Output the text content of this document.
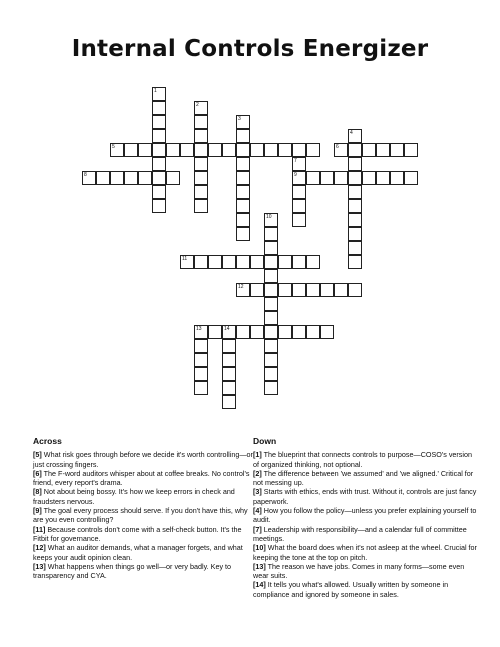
Internal Controls Energizer
1
2
3
4
5	6
7
9
8
10
11
12
13	14
Across

[5] What risk goes through before we decide it's worth controlling—or just crossing fingers.

[6] The F-word auditors whisper about at coffee breaks. No control's friend, every report's drama.

[8] Not about being bossy. It's how we keep errors in check and fraudsters nervous.

[9] The goal every process should serve. If you don't have this, why are you even controlling?

[11] Because controls don't come with a self-check button. It's the Fitbit for governance.

[12] What an auditor demands, what a manager forgets, and what keeps your audit opinion clean.

[13] What happens when things go well—or very badly. Key to transparency and CYA.

Down

[1] The blueprint that connects controls to purpose—COSO's version of organized thinking, not optional.

[2] The difference between 'we assumed' and 'we aligned.' Critical for not messing up.

[3] Starts with ethics, ends with trust. Without it, controls are just fancy paperwork.

[4] How you follow the policy—unless you prefer explaining yourself to audit.

[7] Leadership with responsibility—and a calendar full of committee meetings.

[10] What the board does when it's not asleep at the wheel. Crucial for keeping the tone at the top on pitch.

[13] The reason we have jobs. Comes in many forms—some even wear suits.

[14] It tells you what's allowed. Usually written by someone in compliance and ignored by someone in sales.
